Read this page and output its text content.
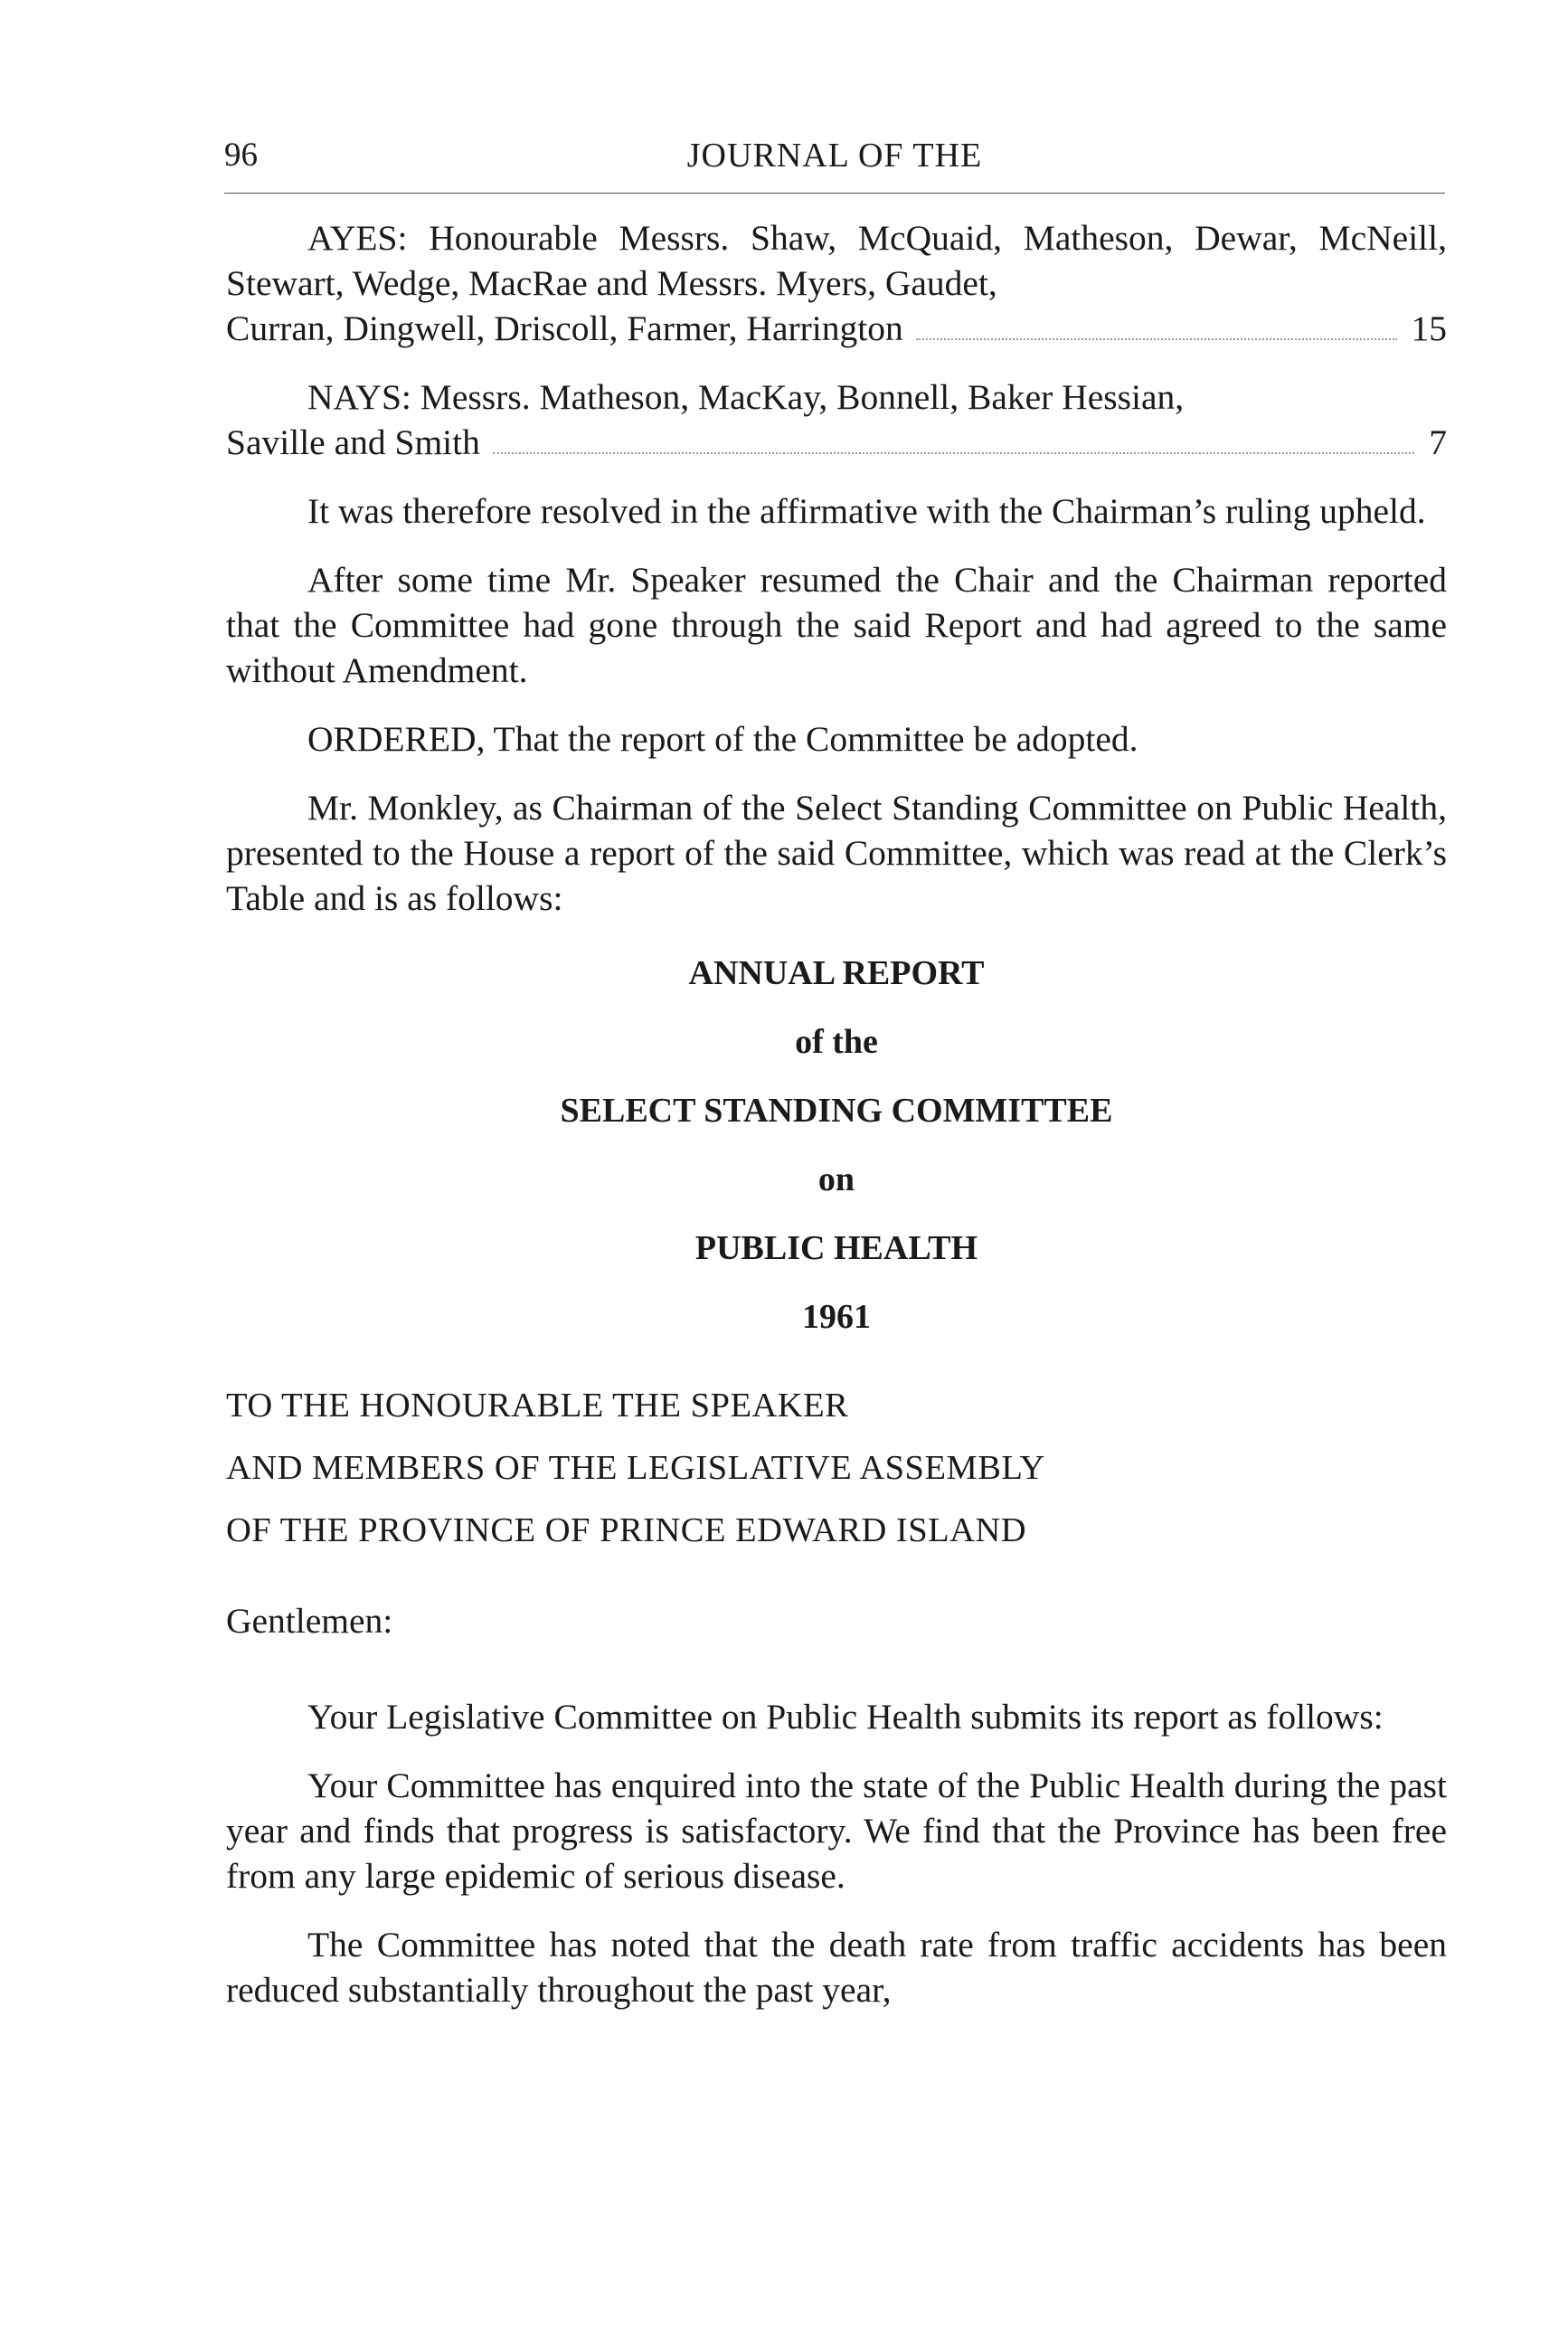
96	JOURNAL OF THE

AYES: Honourable Messrs. Shaw, McQuaid, Matheson, Dewar, McNeill, Stewart, Wedge, MacRae and Messrs. Myers, Gaudet,

Curran, Dingwell, Driscoll, Farmer, Harrington	15

NAYS: Messrs. Matheson, MacKay, Bonnell, Baker Hessian,

Saville and Smith	7

It was therefore resolved in the affirmative with the Chairman’s ruling upheld.

After some time Mr. Speaker resumed the Chair and the Chairman reported that the Committee had gone through the said Report and had agreed to the same without Amendment.

ORDERED, That the report of the Committee be adopted.

Mr. Monkley, as Chairman of the Select Standing Committee on Public Health, presented to the House a report of the said Committee, which was read at the Clerk’s Table and is as follows:

ANNUAL REPORT
of the
SELECT STANDING COMMITTEE
on
PUBLIC HEALTH
1961
TO THE HONOURABLE THE SPEAKER
AND MEMBERS OF THE LEGISLATIVE ASSEMBLY
OF THE PROVINCE OF PRINCE EDWARD ISLAND

Gentlemen:

Your Legislative Committee on Public Health submits its report as follows:

Your Committee has enquired into the state of the Public Health during the past year and finds that progress is satisfactory. We find that the Province has been free from any large epidemic of serious disease.

The Committee has noted that the death rate from traffic accidents has been reduced substantially throughout the past year,
